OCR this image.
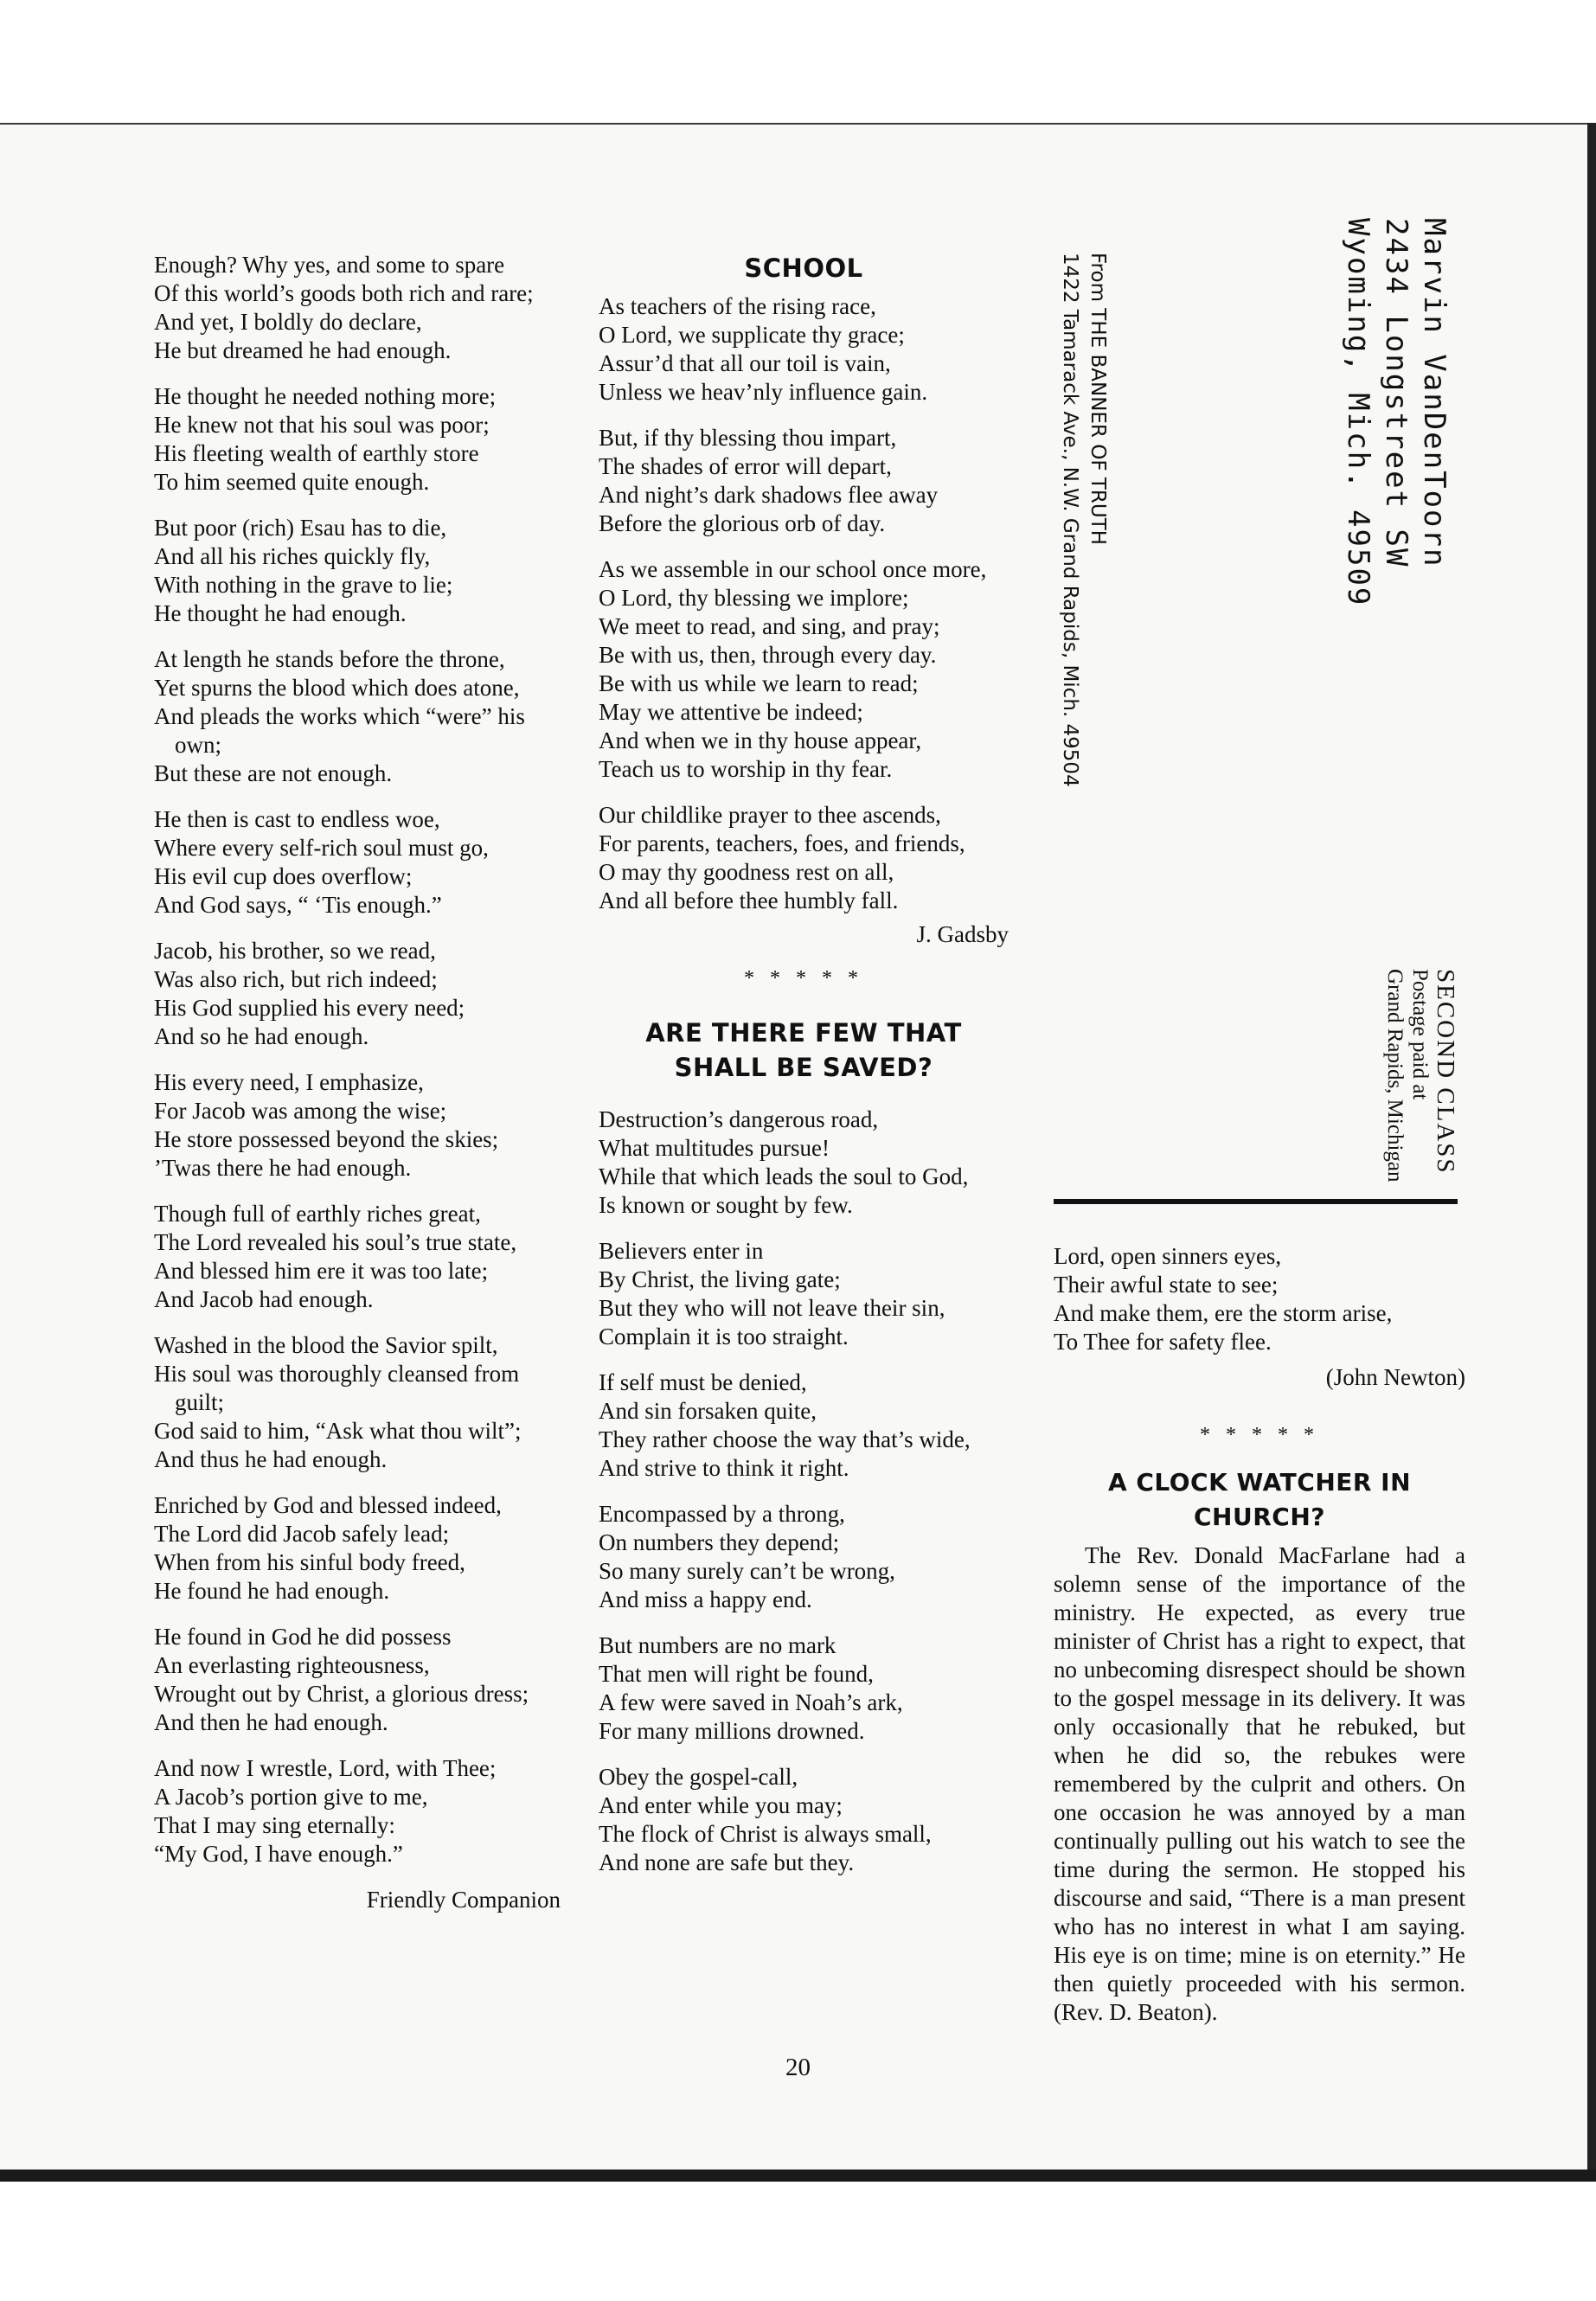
Enough? Why yes, and some to spare
Of this world’s goods both rich and rare;
And yet, I boldly do declare,
He but dreamed he had enough.
He thought he needed nothing more;
He knew not that his soul was poor;
His fleeting wealth of earthly store
To him seemed quite enough.
But poor (rich) Esau has to die,
And all his riches quickly fly,
With nothing in the grave to lie;
He thought he had enough.
At length he stands before the throne,
Yet spurns the blood which does atone,
And pleads the works which “were” his own;
But these are not enough.
He then is cast to endless woe,
Where every self-rich soul must go,
His evil cup does overflow;
And God says, “ ‘Tis enough.”
Jacob, his brother, so we read,
Was also rich, but rich indeed;
His God supplied his every need;
And so he had enough.
His every need, I emphasize,
For Jacob was among the wise;
He store possessed beyond the skies;
’Twas there he had enough.
Though full of earthly riches great,
The Lord revealed his soul’s true state,
And blessed him ere it was too late;
And Jacob had enough.
Washed in the blood the Savior spilt,
His soul was thoroughly cleansed from guilt;
God said to him, “Ask what thou wilt”;
And thus he had enough.
Enriched by God and blessed indeed,
The Lord did Jacob safely lead;
When from his sinful body freed,
He found he had enough.
He found in God he did possess
An everlasting righteousness,
Wrought out by Christ, a glorious dress;
And then he had enough.
And now I wrestle, Lord, with Thee;
A Jacob’s portion give to me,
That I may sing eternally:
“My God, I have enough.”
Friendly Companion
SCHOOL
As teachers of the rising race,
O Lord, we supplicate thy grace;
Assur’d that all our toil is vain,
Unless we heav’nly influence gain.
But, if thy blessing thou impart,
The shades of error will depart,
And night’s dark shadows flee away
Before the glorious orb of day.
As we assemble in our school once more,
O Lord, thy blessing we implore;
We meet to read, and sing, and pray;
Be with us, then, through every day.
Be with us while we learn to read;
May we attentive be indeed;
And when we in thy house appear,
Teach us to worship in thy fear.
Our childlike prayer to thee ascends,
For parents, teachers, foes, and friends,
O may thy goodness rest on all,
And all before thee humbly fall.
J. Gadsby
* * * * *
ARE THERE FEW THAT
SHALL BE SAVED?
Destruction’s dangerous road,
What multitudes pursue!
While that which leads the soul to God,
Is known or sought by few.
Believers enter in
By Christ, the living gate;
But they who will not leave their sin,
Complain it is too straight.
If self must be denied,
And sin forsaken quite,
They rather choose the way that’s wide,
And strive to think it right.
Encompassed by a throng,
On numbers they depend;
So many surely can’t be wrong,
And miss a happy end.
But numbers are no mark
That men will right be found,
A few were saved in Noah’s ark,
For many millions drowned.
Obey the gospel-call,
And enter while you may;
The flock of Christ is always small,
And none are safe but they.
From THE BANNER OF TRUTH
1422 Tamarack Ave., N.W. Grand Rapids, Mich. 49504	Marvin VanDenToorn
2434 Longstreet SW
Wyoming, Mich. 49509
SECOND CLASS
Postage paid at
Grand Rapids, Michigan
Lord, open sinners eyes,
Their awful state to see;
And make them, ere the storm arise,
To Thee for safety flee.
(John Newton)
* * * * *
A CLOCK WATCHER IN CHURCH?

The Rev. Donald MacFarlane had a solemn sense of the importance of the ministry. He expected, as every true minister of Christ has a right to expect, that no unbecoming disrespect should be shown to the gospel message in its delivery. It was only occasionally that he rebuked, but when he did so, the rebukes were remembered by the culprit and others. On one occasion he was annoyed by a man continually pulling out his watch to see the time during the sermon. He stopped his discourse and said, “There is a man present who has no interest in what I am saying. His eye is on time; mine is on eternity.” He then quietly proceeded with his sermon. (Rev. D. Beaton).

20
